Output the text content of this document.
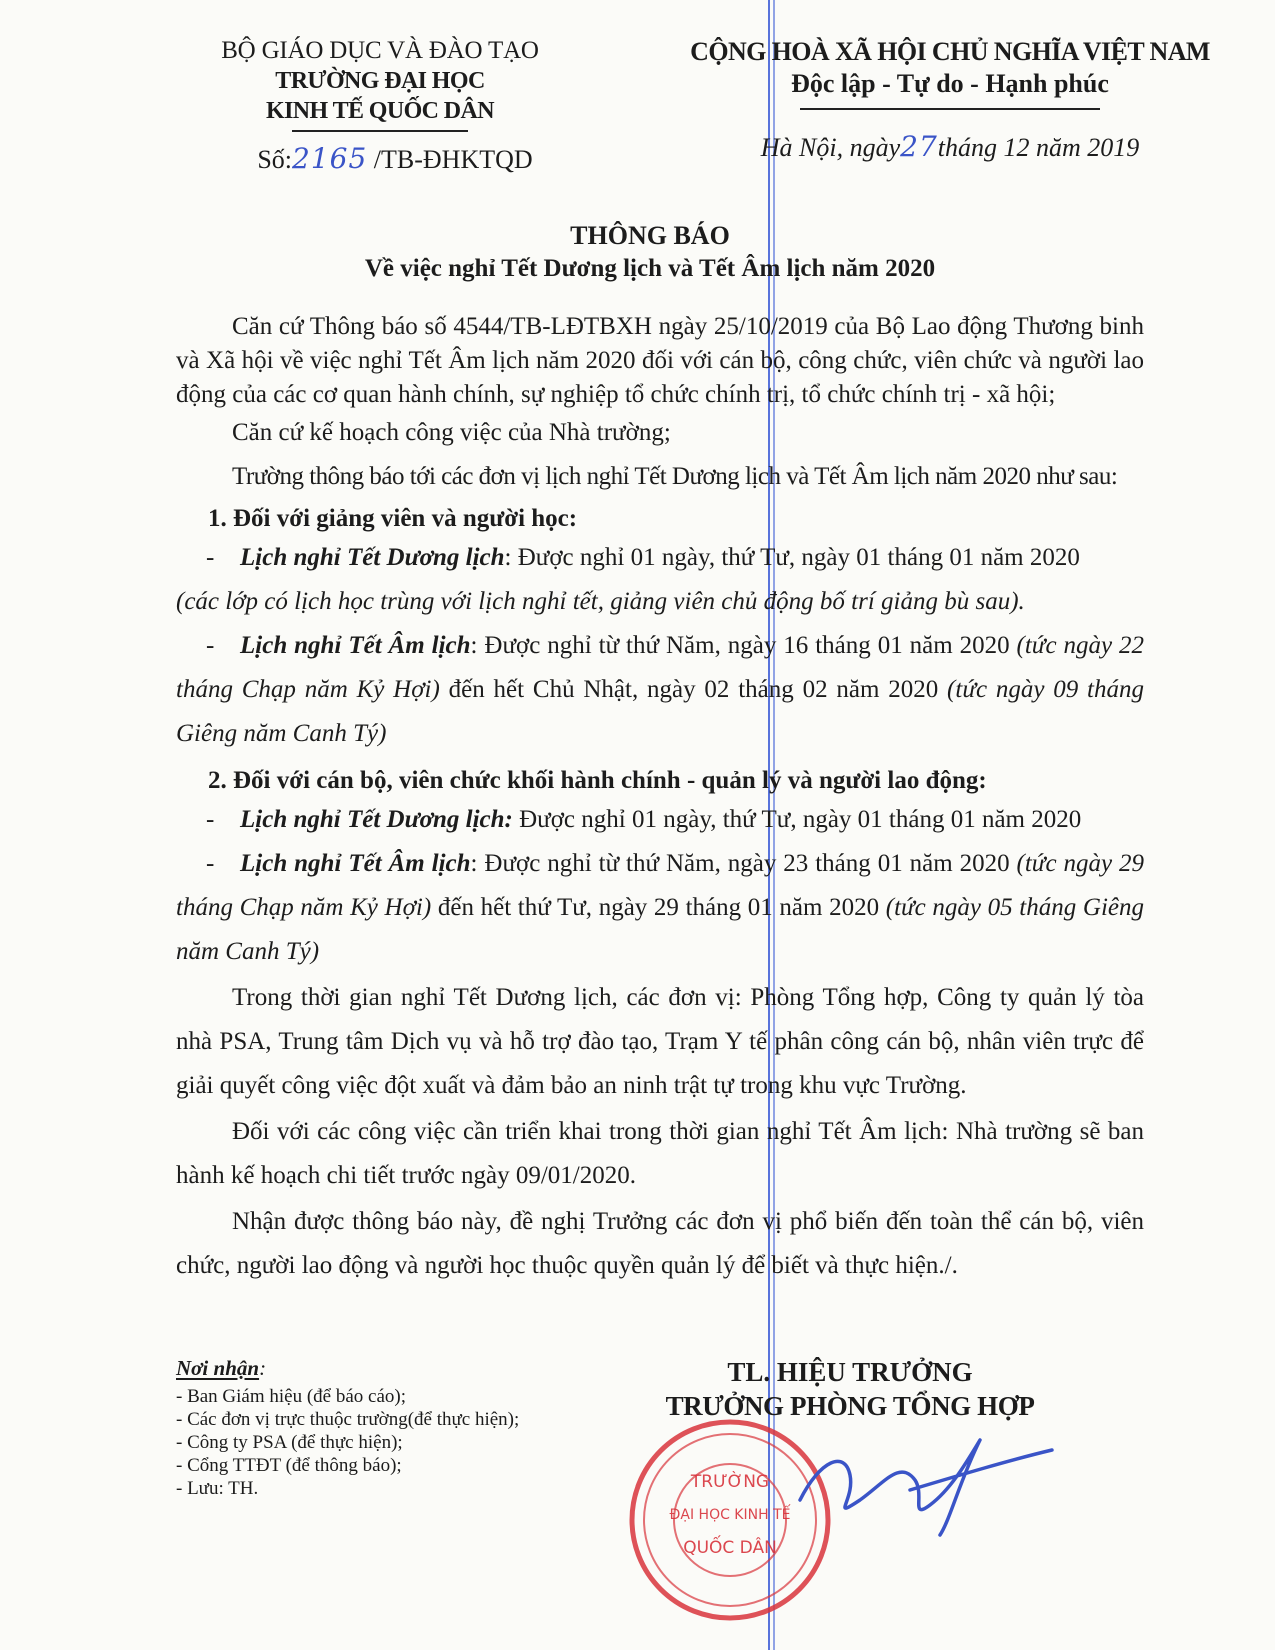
BỘ GIÁO DỤC VÀ ĐÀO TẠO
TRƯỜNG ĐẠI HỌC
KINH TẾ QUỐC DÂN
Số:2165 /TB-ĐHKTQD
CỘNG HOÀ XÃ HỘI CHỦ NGHĨA VIỆT NAM
Độc lập - Tự do - Hạnh phúc
Hà Nội, ngày27tháng 12 năm 2019
THÔNG BÁO
Về việc nghỉ Tết Dương lịch và Tết Âm lịch năm 2020

Căn cứ Thông báo số 4544/TB-LĐTBXH ngày 25/10/2019 của Bộ Lao động Thương binh và Xã hội về việc nghỉ Tết Âm lịch năm 2020 đối với cán bộ, công chức, viên chức và người lao động của các cơ quan hành chính, sự nghiệp tổ chức chính trị, tổ chức chính trị - xã hội;

Căn cứ kế hoạch công việc của Nhà trường;

Trường thông báo tới các đơn vị lịch nghỉ Tết Dương lịch và Tết Âm lịch năm 2020 như sau:

1. Đối với giảng viên và người học:

- Lịch nghỉ Tết Dương lịch: Được nghỉ 01 ngày, thứ Tư, ngày 01 tháng 01 năm 2020

(các lớp có lịch học trùng với lịch nghỉ tết, giảng viên chủ động bố trí giảng bù sau).

- Lịch nghỉ Tết Âm lịch: Được nghỉ từ thứ Năm, ngày 16 tháng 01 năm 2020 (tức ngày 22 tháng Chạp năm Kỷ Hợi) đến hết Chủ Nhật, ngày 02 tháng 02 năm 2020 (tức ngày 09 tháng Giêng năm Canh Tý)

2. Đối với cán bộ, viên chức khối hành chính - quản lý và người lao động:

- Lịch nghỉ Tết Dương lịch: Được nghỉ 01 ngày, thứ Tư, ngày 01 tháng 01 năm 2020

- Lịch nghỉ Tết Âm lịch: Được nghỉ từ thứ Năm, ngày 23 tháng 01 năm 2020 (tức ngày 29 tháng Chạp năm Kỷ Hợi) đến hết thứ Tư, ngày 29 tháng 01 năm 2020 (tức ngày 05 tháng Giêng năm Canh Tý)

Trong thời gian nghỉ Tết Dương lịch, các đơn vị: Phòng Tổng hợp, Công ty quản lý tòa nhà PSA, Trung tâm Dịch vụ và hỗ trợ đào tạo, Trạm Y tế phân công cán bộ, nhân viên trực để giải quyết công việc đột xuất và đảm bảo an ninh trật tự trong khu vực Trường.

Đối với các công việc cần triển khai trong thời gian nghỉ Tết Âm lịch: Nhà trường sẽ ban hành kế hoạch chi tiết trước ngày 09/01/2020.

Nhận được thông báo này, đề nghị Trưởng các đơn vị phổ biến đến toàn thể cán bộ, viên chức, người lao động và người học thuộc quyền quản lý để biết và thực hiện./.

Nơi nhận:
- Ban Giám hiệu (để báo cáo);
- Các đơn vị trực thuộc trường(để thực hiện);
- Công ty PSA (để thực hiện);
- Cổng TTĐT (để thông báo);
- Lưu: TH.	TRƯỜNG
ĐẠI HỌC KINH TẾ
QUỐC DÂN
TL. HIỆU TRƯỞNG
TRƯỞNG PHÒNG TỔNG HỢP
